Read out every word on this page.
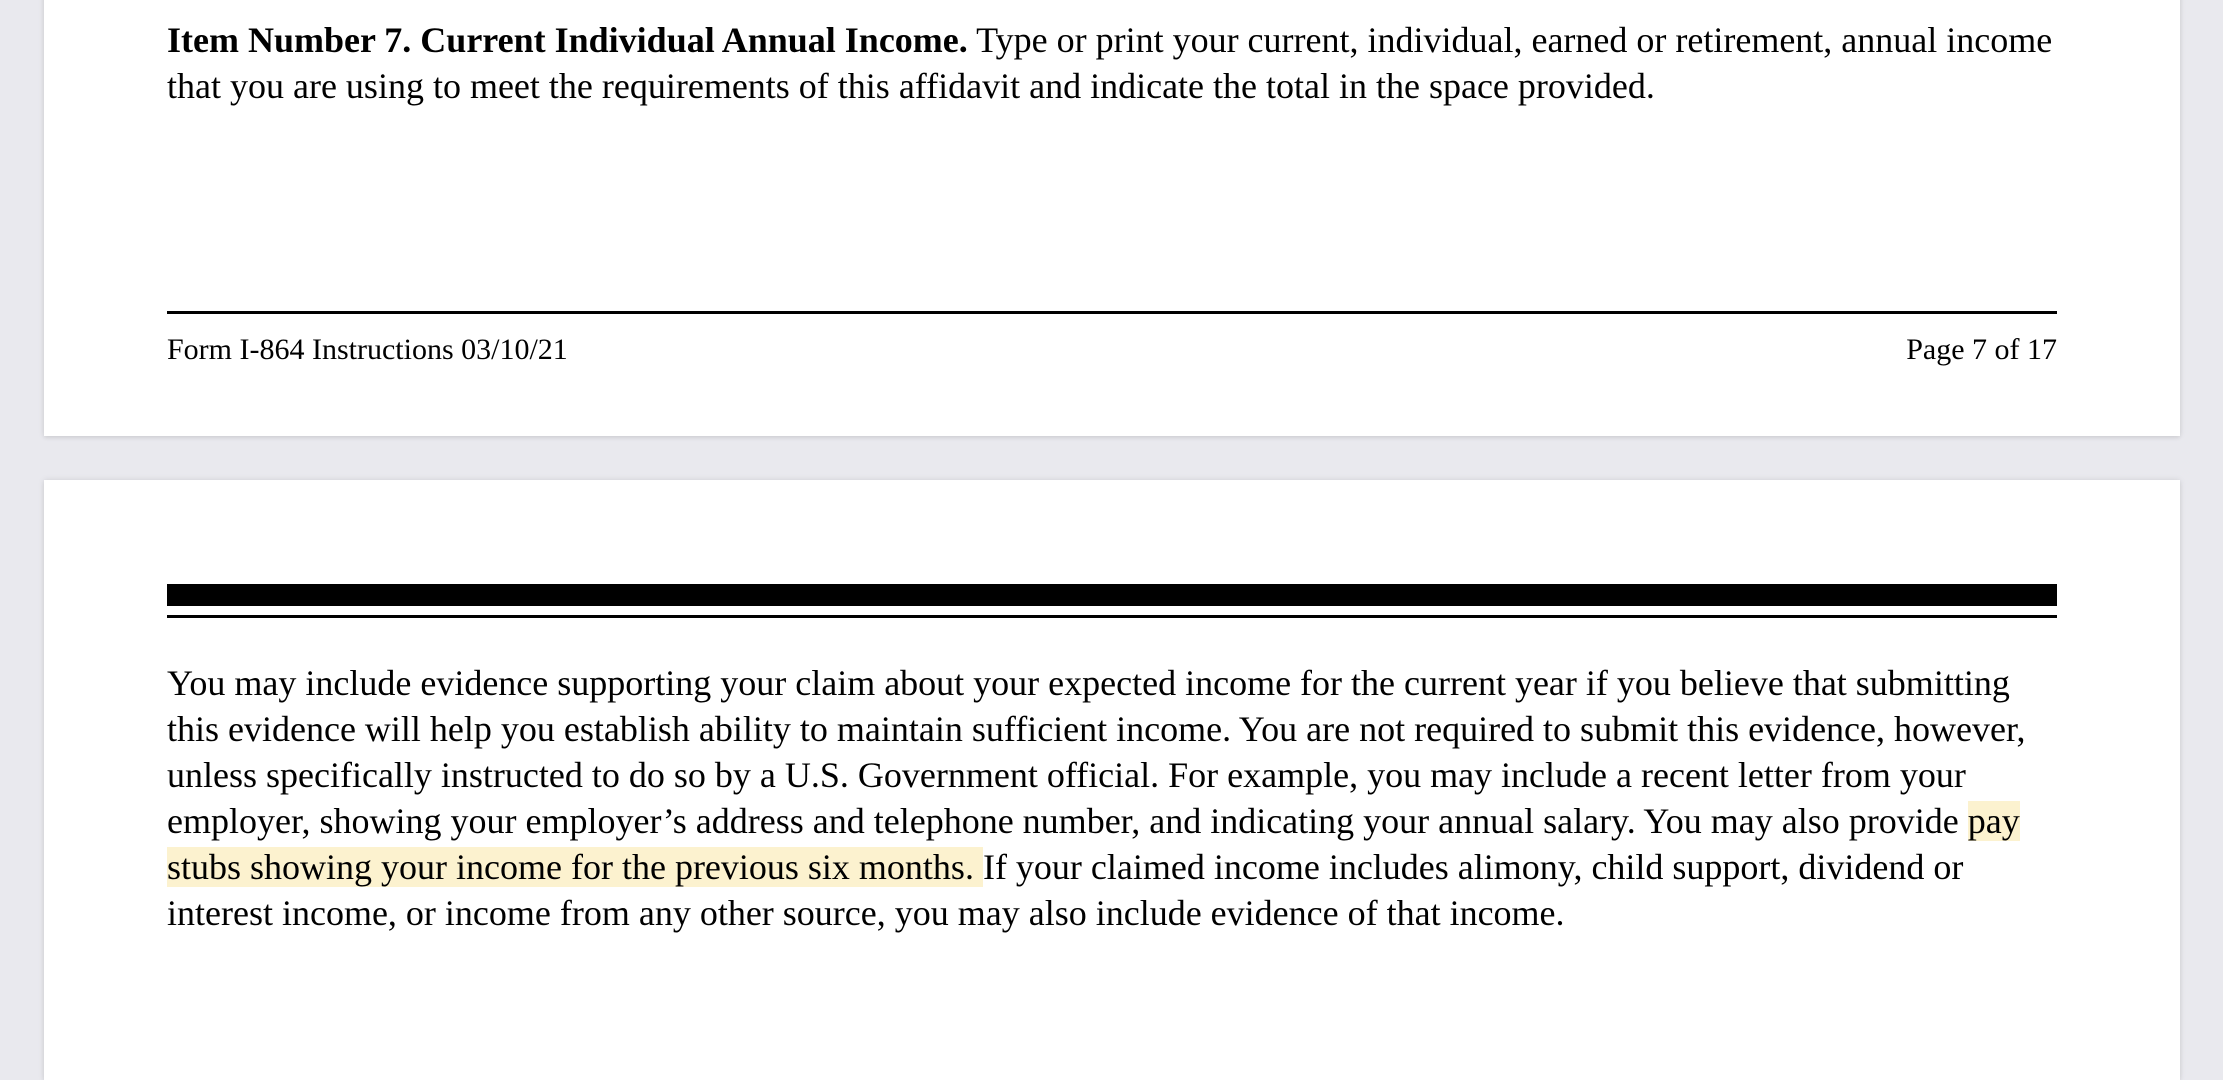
Item Number 7. Current Individual Annual Income. Type or print your current, individual, earned or retirement, annual income that you are using to meet the requirements of this affidavit and indicate the total in the space provided.
Form I-864 Instructions 03/10/21	Page 7 of 17
You may include evidence supporting your claim about your expected income for the current year if you believe that submitting this evidence will help you establish ability to maintain sufficient income. You are not required to submit this evidence, however, unless specifically instructed to do so by a U.S. Government official. For example, you may include a recent letter from your employer, showing your employer’s address and telephone number, and indicating your annual salary. You may also provide pay stubs showing your income for the previous six months. If your claimed income includes alimony, child support, dividend or interest income, or income from any other source, you may also include evidence of that income.
